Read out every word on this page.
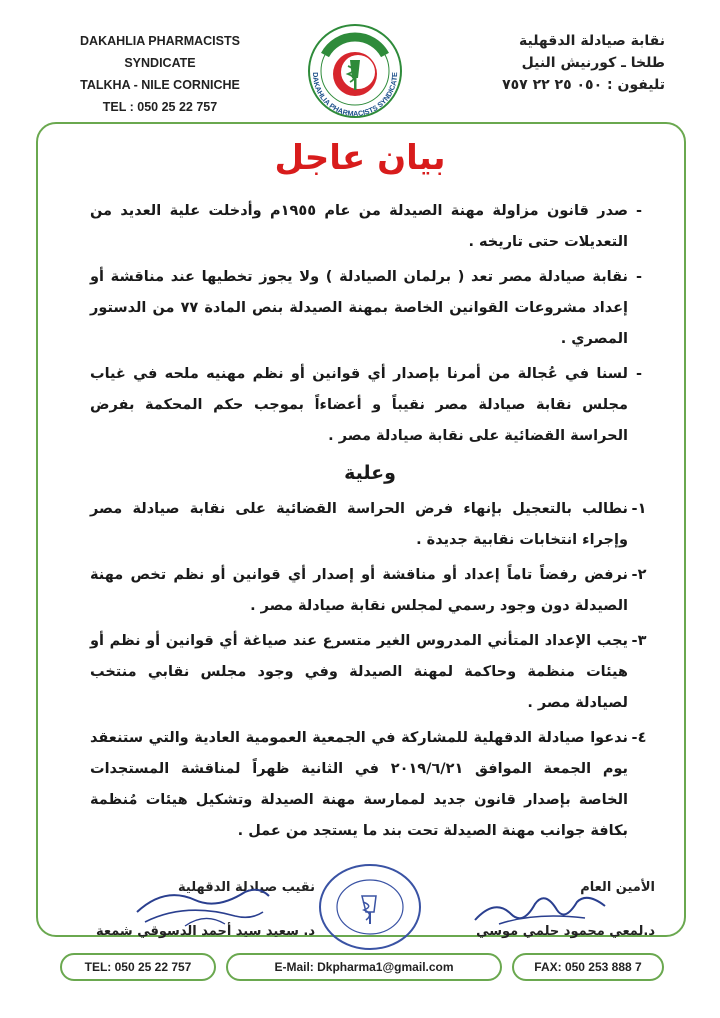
DAKAHLIA PHARMACISTS SYNDICATE
TALKHA - NILE CORNICHE
TEL : 050 25 22 757
DAKAHLIA PHARMACISTS SYNDICATE
نقابة صيادلة الدقهلية
طلخا ـ كورنيش النيل
تليفون : ٠٥٠ ٢٥ ٢٢ ٧٥٧
بيان عاجل
-
صدر قانون مزاولة مهنة الصيدلة من عام ١٩٥٥م وأدخلت علية العديد من التعديلات حتى تاريخه .
-
نقابة صيادلة مصر تعد ( برلمان الصيادلة ) ولا يجوز تخطيها عند مناقشة أو إعداد مشروعات القوانين الخاصة بمهنة الصيدلة بنص المادة ٧٧ من الدستور المصري .
-
لسنا في عُجالة من أمرنا بإصدار أي قوانين أو نظم مهنيه ملحه في غياب مجلس نقابة صيادلة مصر نقيباً و أعضاءاً بموجب حكم المحكمة بفرض الحراسة القضائية على نقابة صيادلة مصر .
وعلية
١-
نطالب بالتعجيل بإنهاء فرض الحراسة القضائية على نقابة صيادلة مصر وإجراء انتخابات نقابية جديدة .
٢-
نرفض رفضاً تاماً إعداد أو مناقشة أو إصدار أي قوانين أو نظم تخص مهنة الصيدلة دون وجود رسمي لمجلس نقابة صيادلة مصر .
٣-
يجب الإعداد المتأني المدروس الغير متسرع عند صياغة أي قوانين أو نظم أو هيئات منظمة وحاكمة لمهنة الصيدلة وفي وجود مجلس نقابي منتخب لصيادلة مصر .
٤-
ندعوا صيادلة الدقهلية للمشاركة في الجمعية العمومية العادية والتي ستنعقد يوم الجمعة الموافق ٢٠١٩/٦/٢١ في الثانية ظهراً لمناقشة المستجدات الخاصة بإصدار قانون جديد لممارسة مهنة الصيدلة وتشكيل هيئات مُنظمة بكافة جوانب مهنة الصيدلة تحت بند ما يستجد من عمل .
الأمين العام
د.لمعي محمود حلمي موسي
نقيب صيادلة الدقهلية
د. سعيد سيد أحمد الدسوقي شمعة
TEL: 050 25 22 757	E-Mail: Dkpharma1@gmail.com	FAX: 050 253 888 7
